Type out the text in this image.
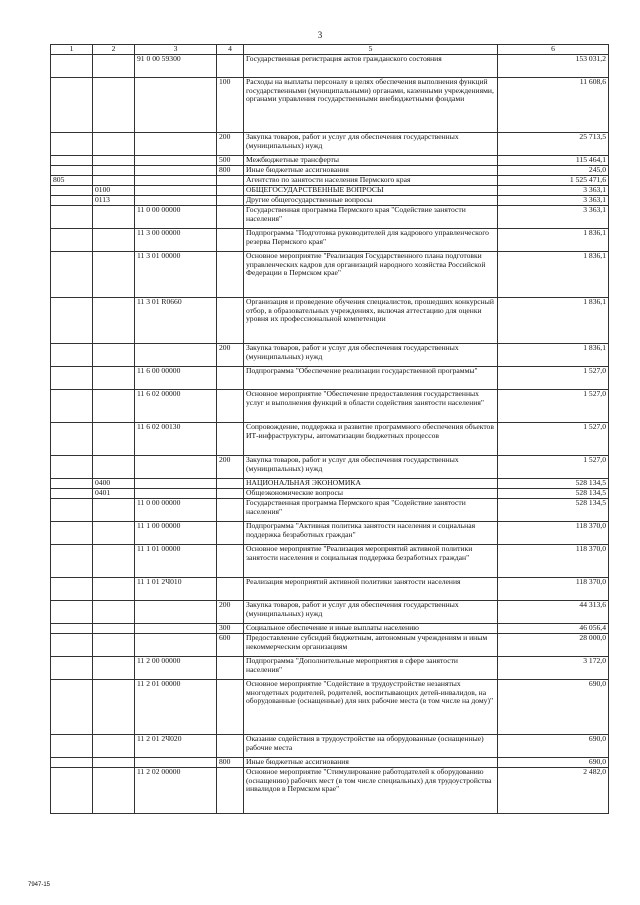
3
1	2	3	4	5	6
		91 0 00 59300		Государственная регистрация актов гражданского состояния	153 031,2
			100	Расходы на выплаты персоналу в целях обеспечения выполнения функций государственными (муниципальными) органами, казенными учреждениями, органами управления государственными внебюджетными фондами	11 608,6
			200	Закупка товаров, работ и услуг для обеспечения государственных (муниципальных) нужд	25 713,5
			500	Межбюджетные трансферты	115 464,1
			800	Иные бюджетные ассигнования	245,0
805				Агентство по занятости населения Пермского края	1 525 471,6
	0100			ОБЩЕГОСУДАРСТВЕННЫЕ ВОПРОСЫ	3 363,1
	0113			Другие общегосударственные вопросы	3 363,1
		11 0 00 00000		Государственная программа Пермского края "Содействие занятости населения"	3 363,1
		11 3 00 00000		Подпрограмма "Подготовка руководителей для кадрового управленческого резерва Пермского края"	1 836,1
		11 3 01 00000		Основное мероприятие "Реализация Государственного плана подготовки управленческих кадров для организаций народного хозяйства Российской Федерации в Пермском крае"	1 836,1
		11 3 01 R0660		Организация и проведение обучения специалистов, прошедших конкурсный отбор, в образовательных учреждениях, включая аттестацию для оценки уровня их профессиональной компетенции	1 836,1
			200	Закупка товаров, работ и услуг для обеспечения государственных (муниципальных) нужд	1 836,1
		11 6 00 00000		Подпрограмма "Обеспечение реализации государственной программы"	1 527,0
		11 6 02 00000		Основное мероприятие "Обеспечение предоставления государственных услуг и выполнения функций в области содействия занятости населения"	1 527,0
		11 6 02 00130		Сопровождение, поддержка и развитие программного обеспечения объектов ИТ-инфраструктуры, автоматизации бюджетных процессов	1 527,0
			200	Закупка товаров, работ и услуг для обеспечения государственных (муниципальных) нужд	1 527,0
	0400			НАЦИОНАЛЬНАЯ ЭКОНОМИКА	528 134,5
	0401			Общеэкономические вопросы	528 134,5
		11 0 00 00000		Государственная программа Пермского края "Содействие занятости населения"	528 134,5
		11 1 00 00000		Подпрограмма "Активная политика занятости населения и социальная поддержка безработных граждан"	118 370,0
		11 1 01 00000		Основное мероприятие "Реализация мероприятий активной политики занятости населения и социальная поддержка безработных граждан"	118 370,0
		11 1 01 2Ч010		Реализация мероприятий активной политики занятости населения	118 370,0
			200	Закупка товаров, работ и услуг для обеспечения государственных (муниципальных) нужд	44 313,6
			300	Социальное обеспечение и иные выплаты населению	46 056,4
			600	Предоставление субсидий бюджетным, автономным учреждениям и иным некоммерческим организациям	28 000,0
		11 2 00 00000		Подпрограмма "Дополнительные мероприятия в сфере занятости населения"	3 172,0
		11 2 01 00000		Основное мероприятие "Содействие в трудоустройстве незанятых многодетных родителей, родителей, воспитывающих детей-инвалидов, на оборудованные (оснащенные) для них рабочие места (в том числе на дому)"	690,0
		11 2 01 2Ч020		Оказание содействия в трудоустройстве на оборудованные (оснащенные) рабочие места	690,0
			800	Иные бюджетные ассигнования	690,0
		11 2 02 00000		Основное мероприятие "Стимулирование работодателей к оборудованию (оснащению) рабочих мест (в том числе специальных) для трудоустройства инвалидов в Пермском крае"	2 482,0
7947-15
